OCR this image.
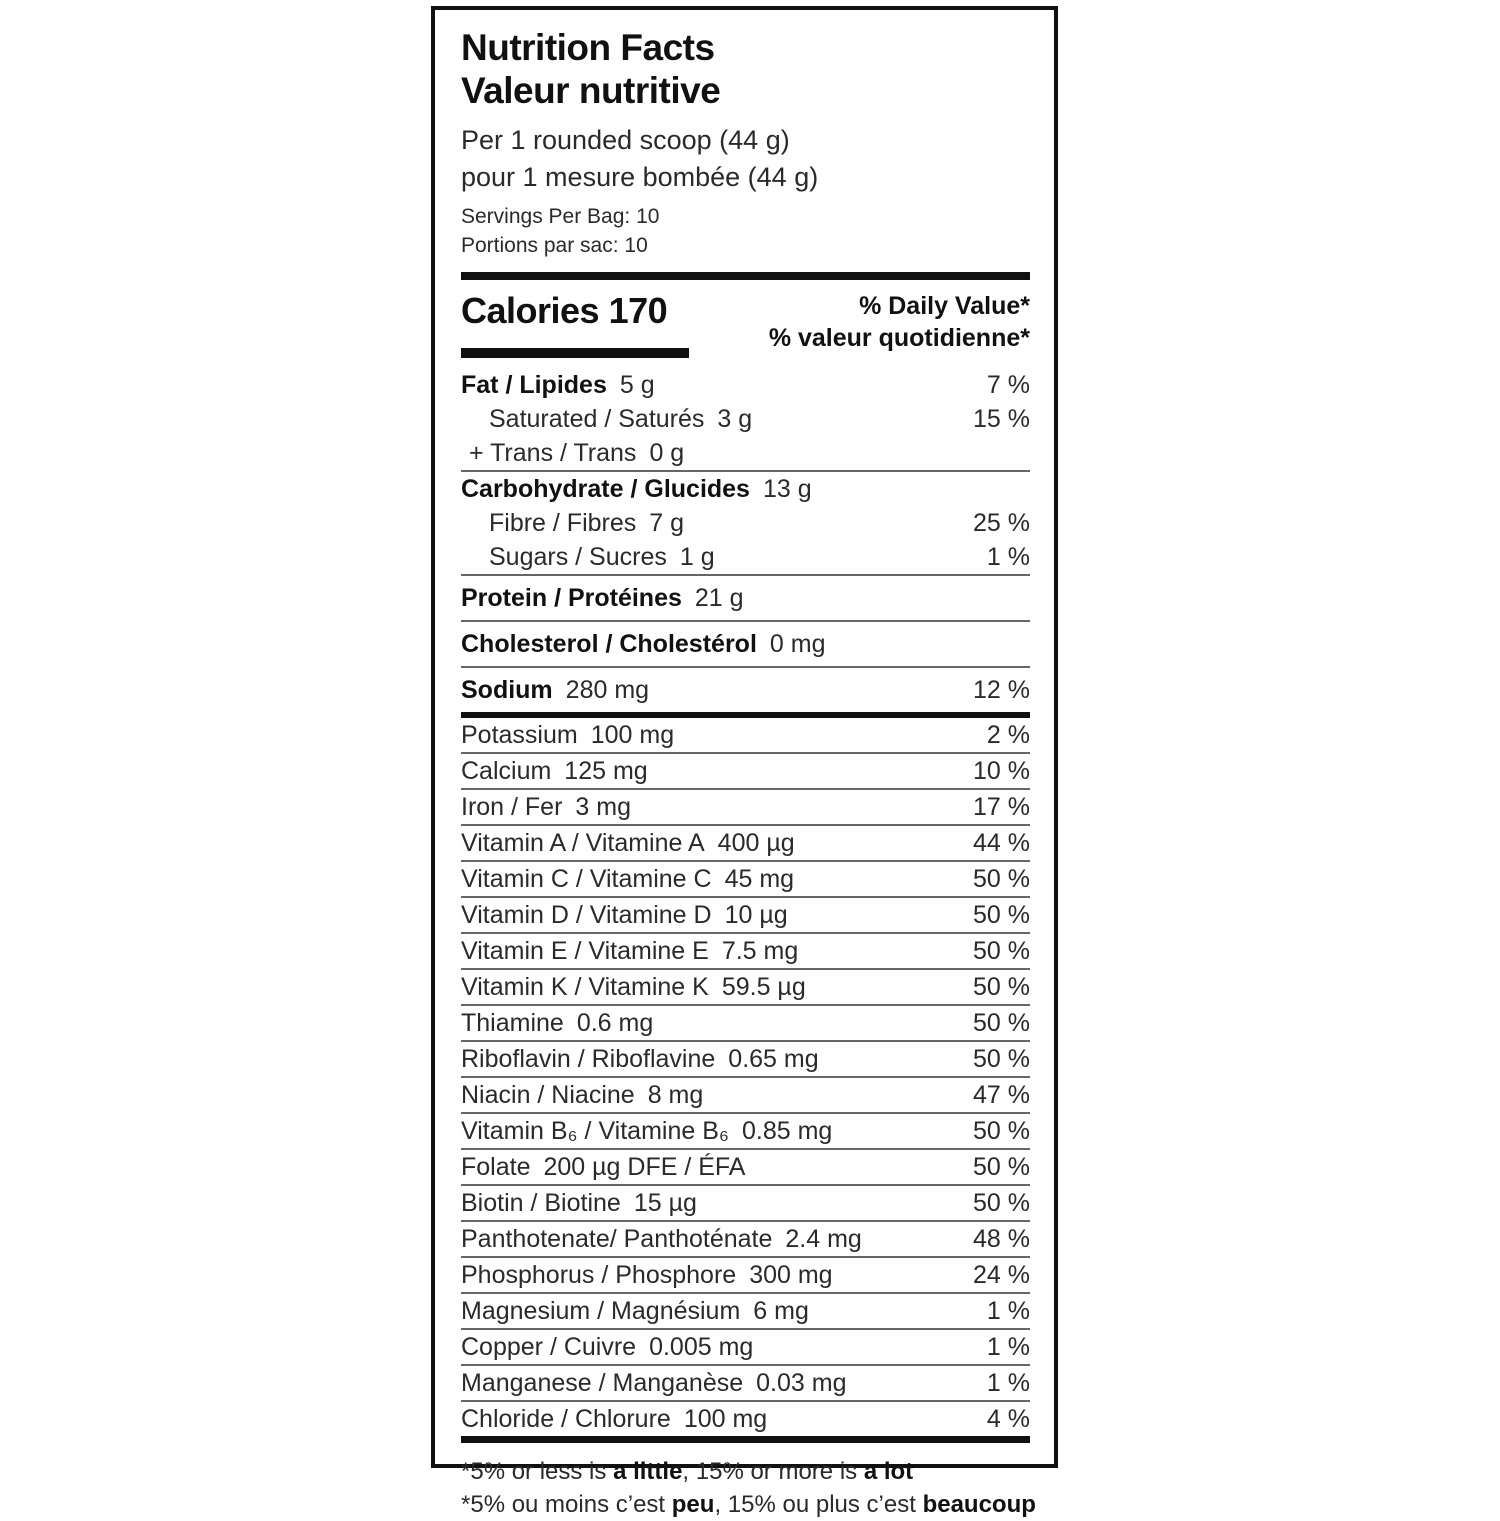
Nutrition Facts
Valeur nutritive
Per 1 rounded scoop (44 g)
pour 1 mesure bombée (44 g)
Servings Per Bag: 10
Portions par sac: 10
Calories 170	% Daily Value*
% valeur quotidienne*
Fat / Lipides 5 g	7 %
Saturated / Saturés 3 g	15 %
+ Trans / Trans 0 g
Carbohydrate / Glucides 13 g
Fibre / Fibres 7 g	25 %
Sugars / Sucres 1 g	1 %
Protein / Protéines 21 g
Cholesterol / Cholestérol 0 mg
Sodium 280 mg	12 %
Potassium 100 mg	2 %
Calcium 125 mg	10 %
Iron / Fer 3 mg	17 %
Vitamin A / Vitamine A 400 µg	44 %
Vitamin C / Vitamine C 45 mg	50 %
Vitamin D / Vitamine D 10 µg	50 %
Vitamin E / Vitamine E 7.5 mg	50 %
Vitamin K / Vitamine K 59.5 µg	50 %
Thiamine 0.6 mg	50 %
Riboflavin / Riboflavine 0.65 mg	50 %
Niacin / Niacine 8 mg	47 %
Vitamin B₆ / Vitamine B₆ 0.85 mg	50 %
Folate 200 µg DFE / ÉFA	50 %
Biotin / Biotine 15 µg	50 %
Panthotenate/ Panthoténate 2.4 mg	48 %
Phosphorus / Phosphore 300 mg	24 %
Magnesium / Magnésium 6 mg	1 %
Copper / Cuivre 0.005 mg	1 %
Manganese / Manganèse 0.03 mg	1 %
Chloride / Chlorure 100 mg	4 %
*5% or less is a little, 15% or more is a lot
*5% ou moins c’est peu, 15% ou plus c’est beaucoup
